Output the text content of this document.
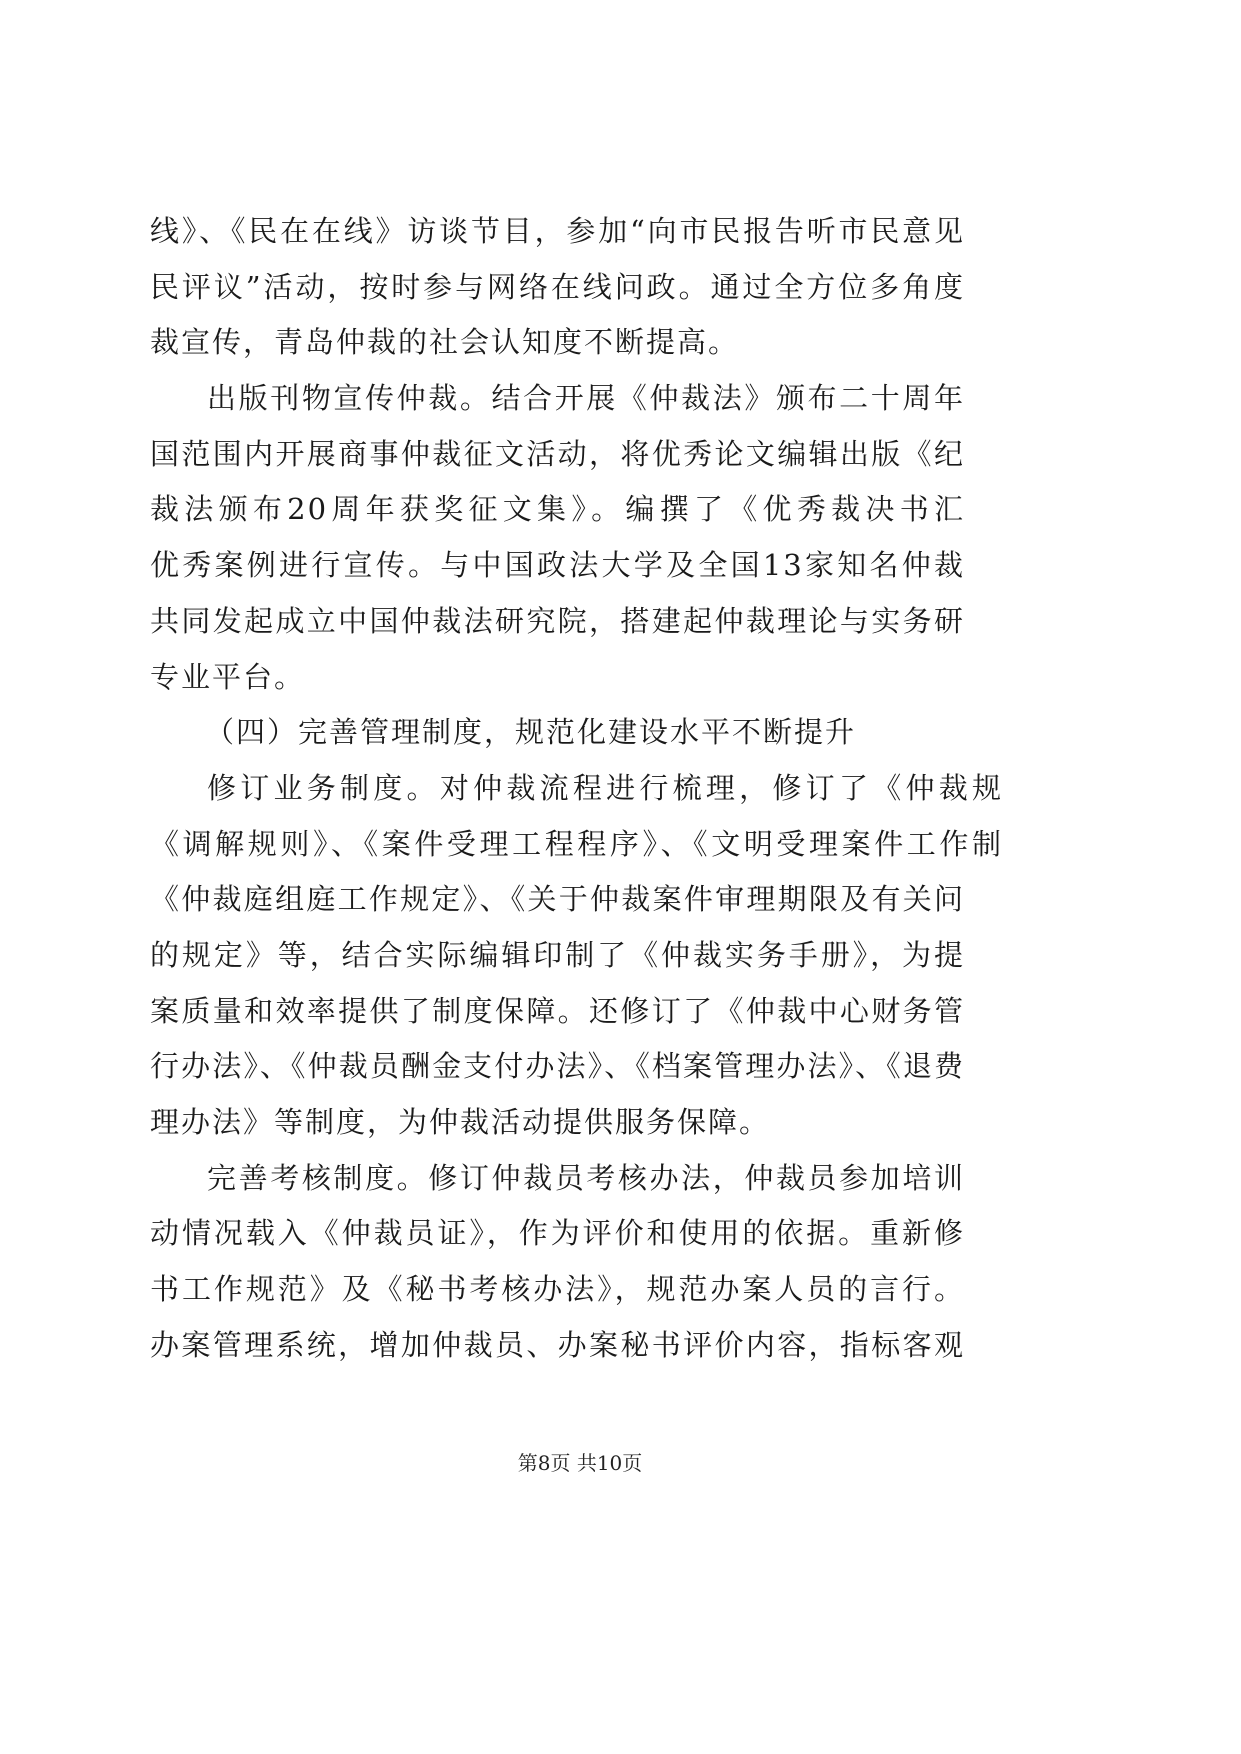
线》、《民在在线》访谈节目，参加“向市民报告听市民意见
民评议”活动，按时参与网络在线问政。通过全方位多角度
裁宣传，青岛仲裁的社会认知度不断提高。
出版刊物宣传仲裁。结合开展《仲裁法》颁布二十周年
国范围内开展商事仲裁征文活动，将优秀论文编辑出版《纪
裁法颁布20周年获奖征文集》。编撰了《优秀裁决书汇
优秀案例进行宣传。与中国政法大学及全国13家知名仲裁
共同发起成立中国仲裁法研究院，搭建起仲裁理论与实务研
专业平台。
（四）完善管理制度，规范化建设水平不断提升
修订业务制度。对仲裁流程进行梳理，修订了《仲裁规
《调解规则》、《案件受理工程程序》、《文明受理案件工作制
《仲裁庭组庭工作规定》、《关于仲裁案件审理期限及有关问
的规定》等，结合实际编辑印制了《仲裁实务手册》，为提
案质量和效率提供了制度保障。还修订了《仲裁中心财务管
行办法》、《仲裁员酬金支付办法》、《档案管理办法》、《退费
理办法》等制度，为仲裁活动提供服务保障。
完善考核制度。修订仲裁员考核办法，仲裁员参加培训
动情况载入《仲裁员证》，作为评价和使用的依据。重新修
书工作规范》及《秘书考核办法》，规范办案人员的言行。
办案管理系统，增加仲裁员、办案秘书评价内容，指标客观
第8页 共10页
